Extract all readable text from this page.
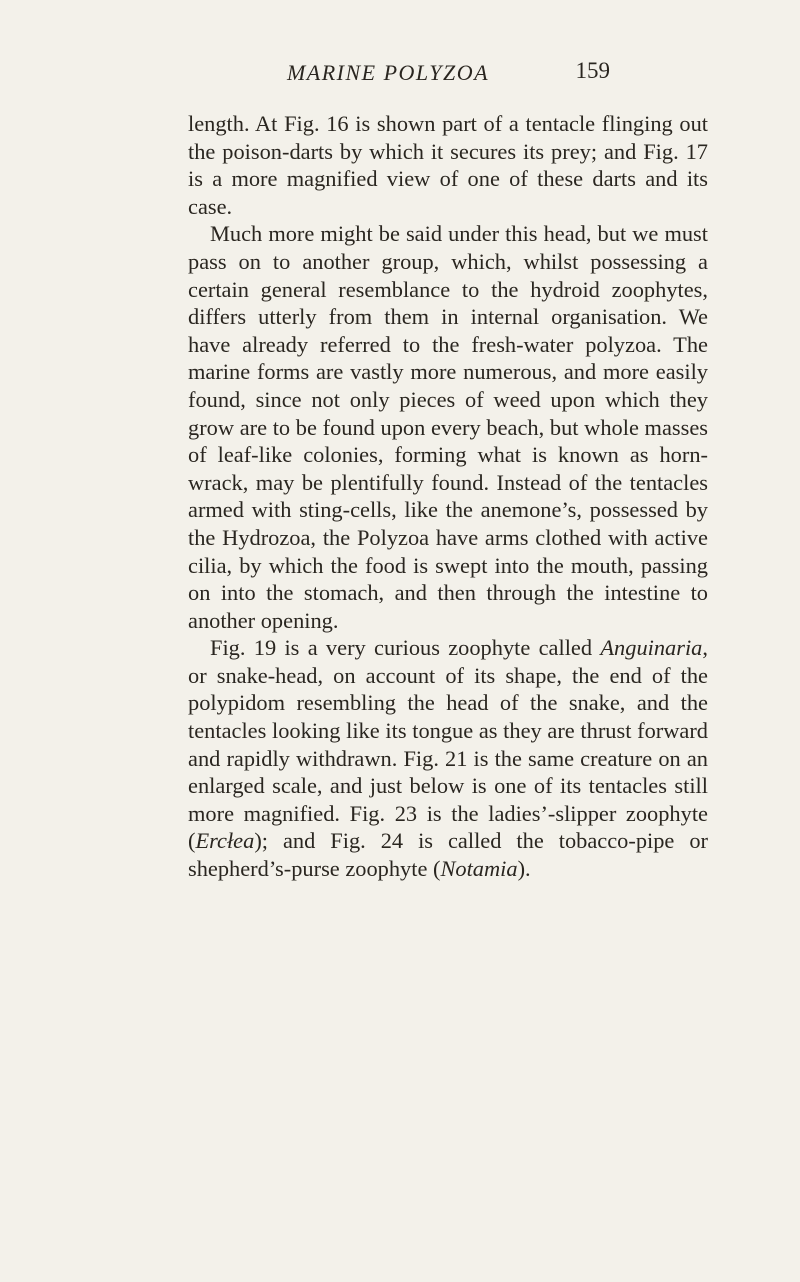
MARINE POLYZOA	159

length. At Fig. 16 is shown part of a tentacle flinging out the poison-darts by which it secures its prey; and Fig. 17 is a more magnified view of one of these darts and its case.

Much more might be said under this head, but we must pass on to another group, which, whilst possessing a certain general resemblance to the hydroid zoophytes, differs utterly from them in internal organisation. We have already referred to the fresh-water polyzoa. The marine forms are vastly more numerous, and more easily found, since not only pieces of weed upon which they grow are to be found upon every beach, but whole masses of leaf-like colonies, forming what is known as horn-wrack, may be plentifully found. Instead of the tentacles armed with sting-cells, like the anemone’s, possessed by the Hydrozoa, the Polyzoa have arms clothed with active cilia, by which the food is swept into the mouth, passing on into the stomach, and then through the intestine to another opening.

Fig. 19 is a very curious zoophyte called Anguinaria, or snake-head, on account of its shape, the end of the polypidom resembling the head of the snake, and the tentacles looking like its tongue as they are thrust forward and rapidly withdrawn. Fig. 21 is the same creature on an enlarged scale, and just below is one of its tentacles still more magnified. Fig. 23 is the ladies’-slipper zoophyte (Ercłea); and Fig. 24 is called the tobacco-pipe or shepherd’s-purse zoophyte (Notamia).
